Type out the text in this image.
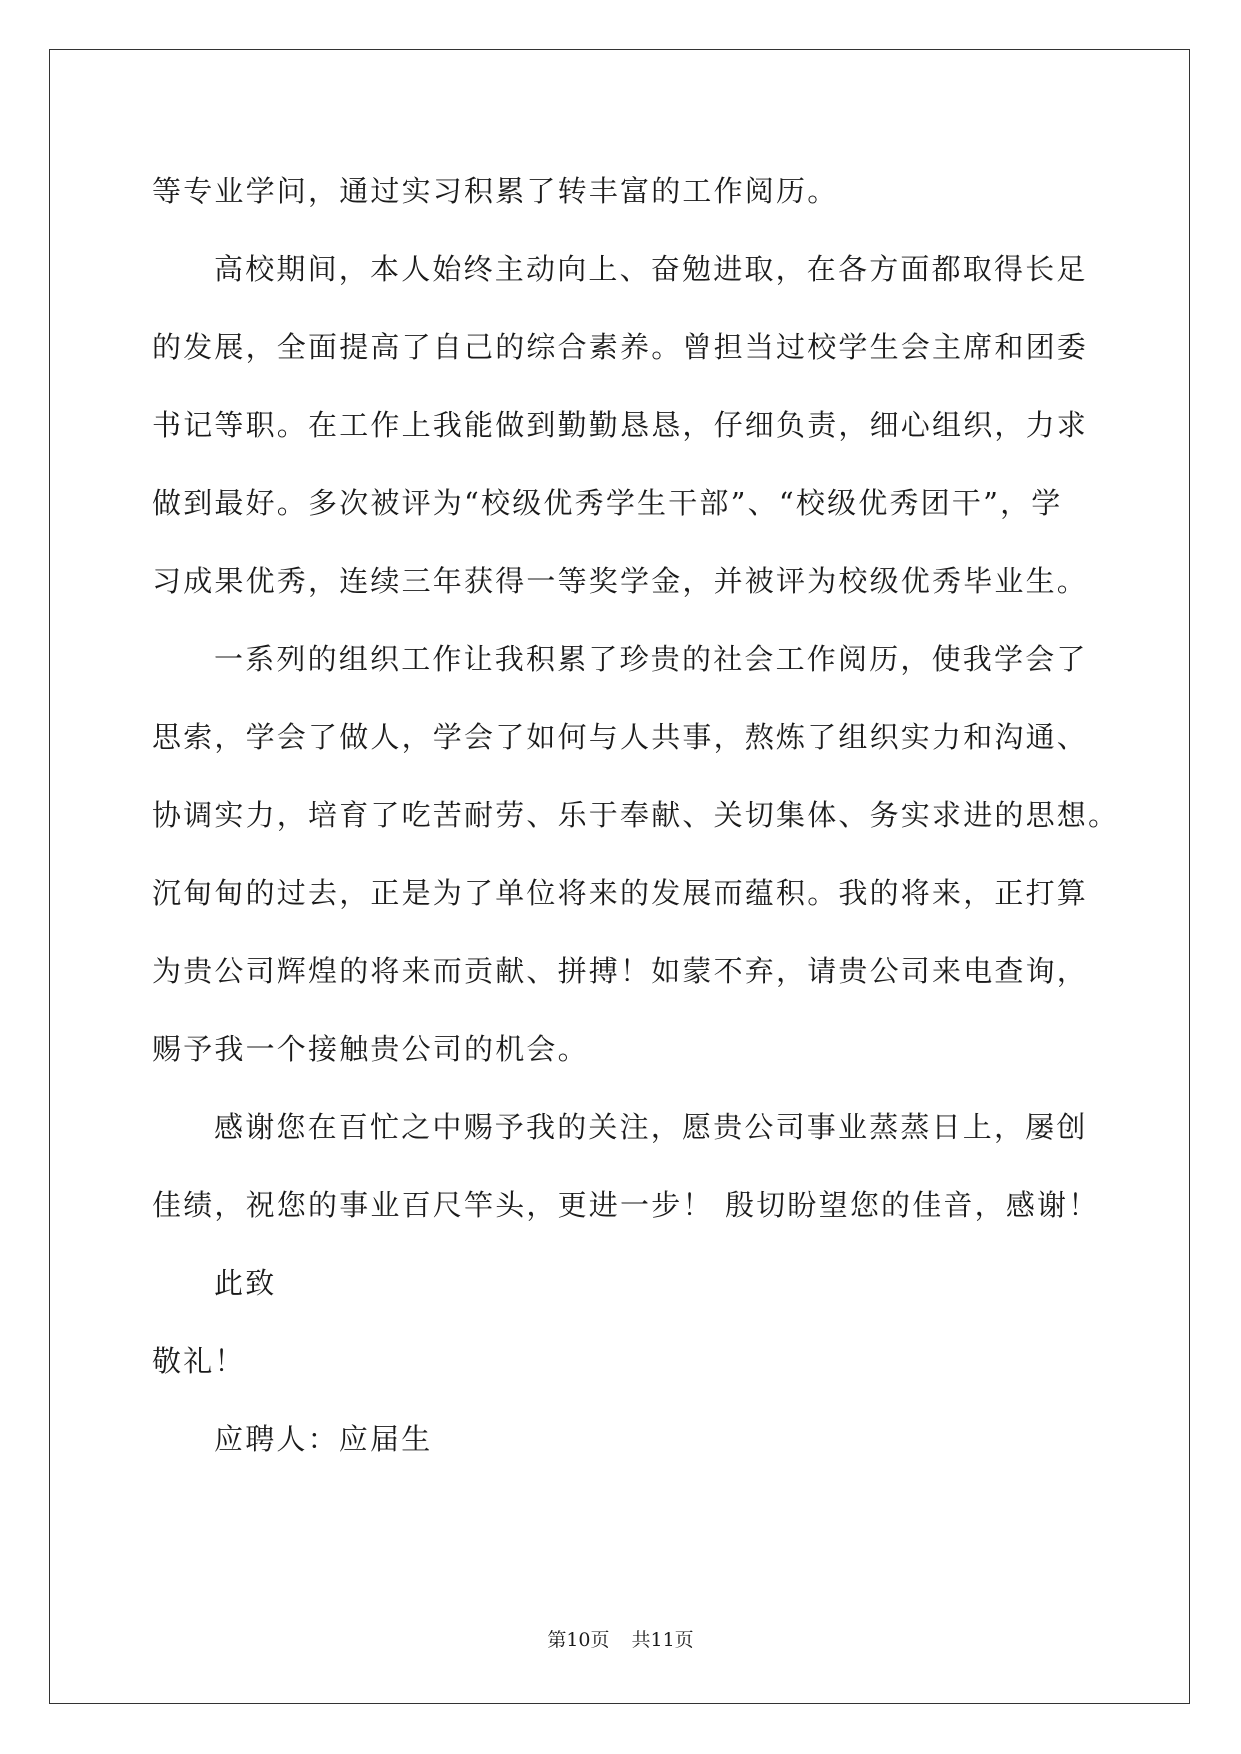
等专业学问，通过实习积累了转丰富的工作阅历。
高校期间，本人始终主动向上、奋勉进取，在各方面都取得长足
的发展，全面提高了自己的综合素养。曾担当过校学生会主席和团委
书记等职。在工作上我能做到勤勤恳恳，仔细负责，细心组织，力求
做到最好。多次被评为“校级优秀学生干部”、“校级优秀团干”，学
习成果优秀，连续三年获得一等奖学金，并被评为校级优秀毕业生。
一系列的组织工作让我积累了珍贵的社会工作阅历，使我学会了
思索，学会了做人，学会了如何与人共事，熬炼了组织实力和沟通、
协调实力，培育了吃苦耐劳、乐于奉献、关切集体、务实求进的思想。
沉甸甸的过去，正是为了单位将来的发展而蕴积。我的将来，正打算
为贵公司辉煌的将来而贡献、拼搏！如蒙不弃，请贵公司来电查询，
赐予我一个接触贵公司的机会。
感谢您在百忙之中赐予我的关注，愿贵公司事业蒸蒸日上，屡创
佳绩，祝您的事业百尺竿头，更进一步！ 殷切盼望您的佳音，感谢！
此致
敬礼！
应聘人：应届生
第10页 共11页
